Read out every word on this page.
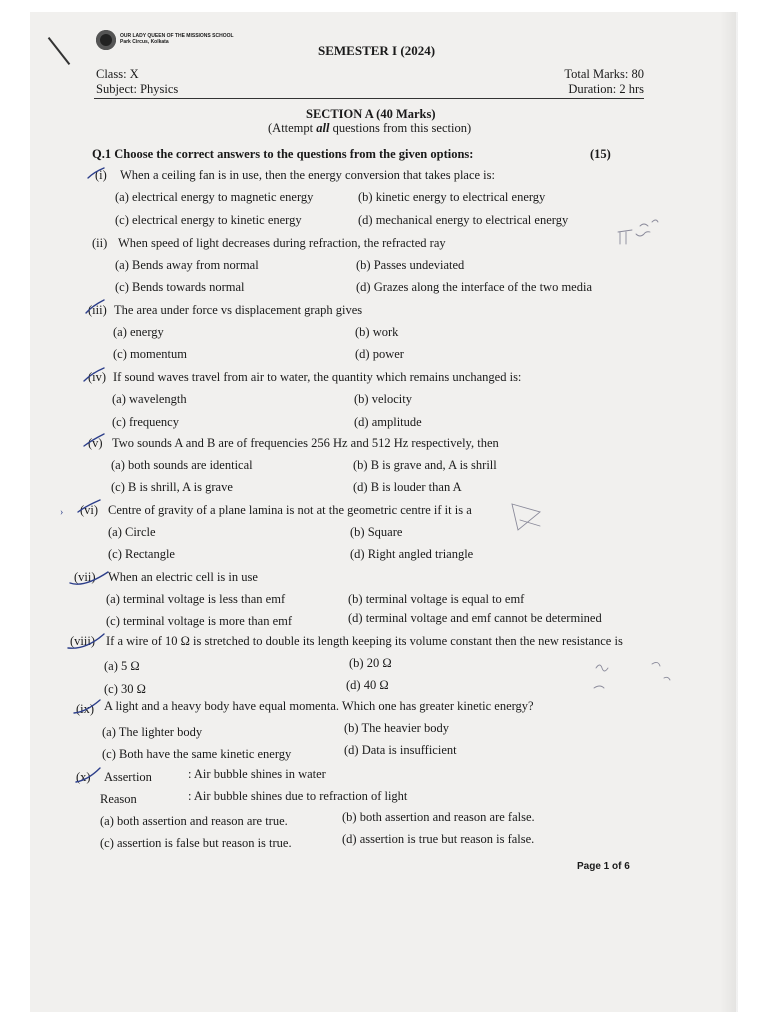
OUR LADY QUEEN OF THE MISSIONS SCHOOL
Park Circus, Kolkata
SEMESTER I (2024)
Class: X
Subject: Physics
Total Marks: 80
Duration: 2 hrs
SECTION A (40 Marks)
(Attempt all questions from this section)
Q.1 Choose the correct answers to the questions from the given options:	(15)
(i) When a ceiling fan is in use, then the energy conversion that takes place is:
(a) electrical energy to magnetic energy	(b) kinetic energy to electrical energy
(c) electrical energy to kinetic energy	(d) mechanical energy to electrical energy
(ii) When speed of light decreases during refraction, the refracted ray
(a) Bends away from normal	(b) Passes undeviated
(c) Bends towards normal	(d) Grazes along the interface of the two media
(iii) The area under force vs displacement graph gives
(a) energy	(b) work
(c) momentum	(d) power
(iv) If sound waves travel from air to water, the quantity which remains unchanged is:
(a) wavelength	(b) velocity
(c) frequency	(d) amplitude
(v) Two sounds A and B are of frequencies 256 Hz and 512 Hz respectively, then
(a) both sounds are identical	(b) B is grave and, A is shrill
(c) B is shrill, A is grave	(d) B is louder than A
(vi) Centre of gravity of a plane lamina is not at the geometric centre if it is a
(a) Circle	(b) Square
(c) Rectangle	(d) Right angled triangle
(vii) When an electric cell is in use
(a) terminal voltage is less than emf	(b) terminal voltage is equal to emf
(c) terminal voltage is more than emf	(d) terminal voltage and emf cannot be determined
(viii) If a wire of 10 Ω is stretched to double its length keeping its volume constant then the new resistance is
(a) 5 Ω	(b) 20 Ω
(c) 30 Ω	(d) 40 Ω
(ix) A light and a heavy body have equal momenta. Which one has greater kinetic energy?
(a) The lighter body	(b) The heavier body
(c) Both have the same kinetic energy	(d) Data is insufficient
(x) Assertion	: Air bubble shines in water
Reason	: Air bubble shines due to refraction of light
(a) both assertion and reason are true.	(b) both assertion and reason are false.
(c) assertion is false but reason is true.	(d) assertion is true but reason is false.
Page 1 of 6
›
